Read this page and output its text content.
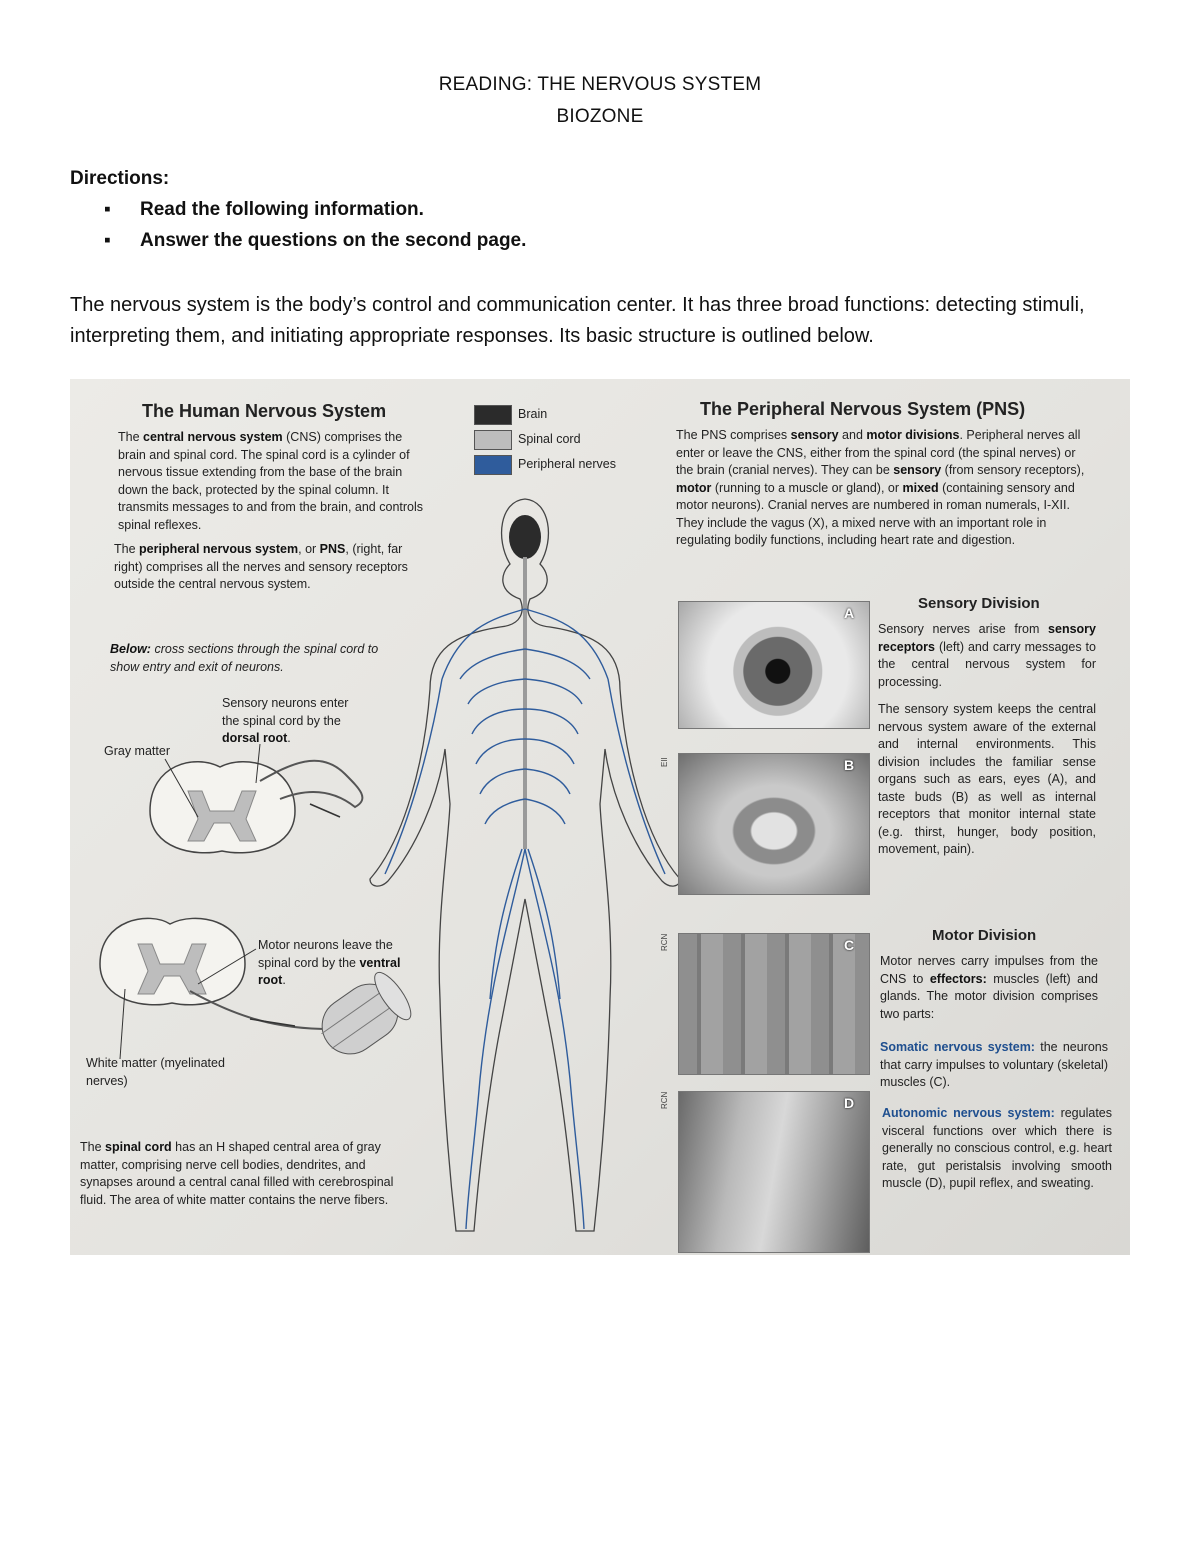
READING: THE NERVOUS SYSTEM
BIOZONE
Directions:
▪ Read the following information.
▪ Answer the questions on the second page.
The nervous system is the body’s control and communication center. It has three broad functions: detecting stimuli, interpreting them, and initiating appropriate responses. Its basic structure is outlined below.
The Human Nervous System
The central nervous system (CNS) comprises the brain and spinal cord. The spinal cord is a cylinder of nervous tissue extending from the base of the brain down the back, protected by the spinal column. It transmits messages to and from the brain, and controls spinal reflexes.
The peripheral nervous system, or PNS, (right, far right) comprises all the nerves and sensory receptors outside the central nervous system.
Below: cross sections through the spinal cord to show entry and exit of neurons.
Sensory neurons enter the spinal cord by the dorsal root.
Gray matter
Motor neurons leave the spinal cord by the ventral root.
White matter (myelinated nerves)
The spinal cord has an H shaped central area of gray matter, comprising nerve cell bodies, dendrites, and synapses around a central canal filled with cerebrospinal fluid. The area of white matter contains the nerve fibers.
Brain
Spinal cord
Peripheral nerves
The Peripheral Nervous System (PNS)
The PNS comprises sensory and motor divisions. Peripheral nerves all enter or leave the CNS, either from the spinal cord (the spinal nerves) or the brain (cranial nerves). They can be sensory (from sensory receptors), motor (running to a muscle or gland), or mixed (containing sensory and motor neurons). Cranial nerves are numbered in roman numerals, I-XII. They include the vagus (X), a mixed nerve with an important role in regulating bodily functions, including heart rate and digestion.
A
B
C
D
EII
RCN
RCN
Sensory Division
Sensory nerves arise from sensory receptors (left) and carry messages to the central nervous system for processing.
The sensory system keeps the central nervous system aware of the external and internal environments. This division includes the familiar sense organs such as ears, eyes (A), and taste buds (B) as well as internal receptors that monitor internal state (e.g. thirst, hunger, body position, movement, pain).
Motor Division
Motor nerves carry impulses from the CNS to effectors: muscles (left) and glands. The motor division comprises two parts:
Somatic nervous system: the neurons that carry impulses to voluntary (skeletal) muscles (C).
Autonomic nervous system: regulates visceral functions over which there is generally no conscious control, e.g. heart rate, gut peristalsis involving smooth muscle (D), pupil reflex, and sweating.
